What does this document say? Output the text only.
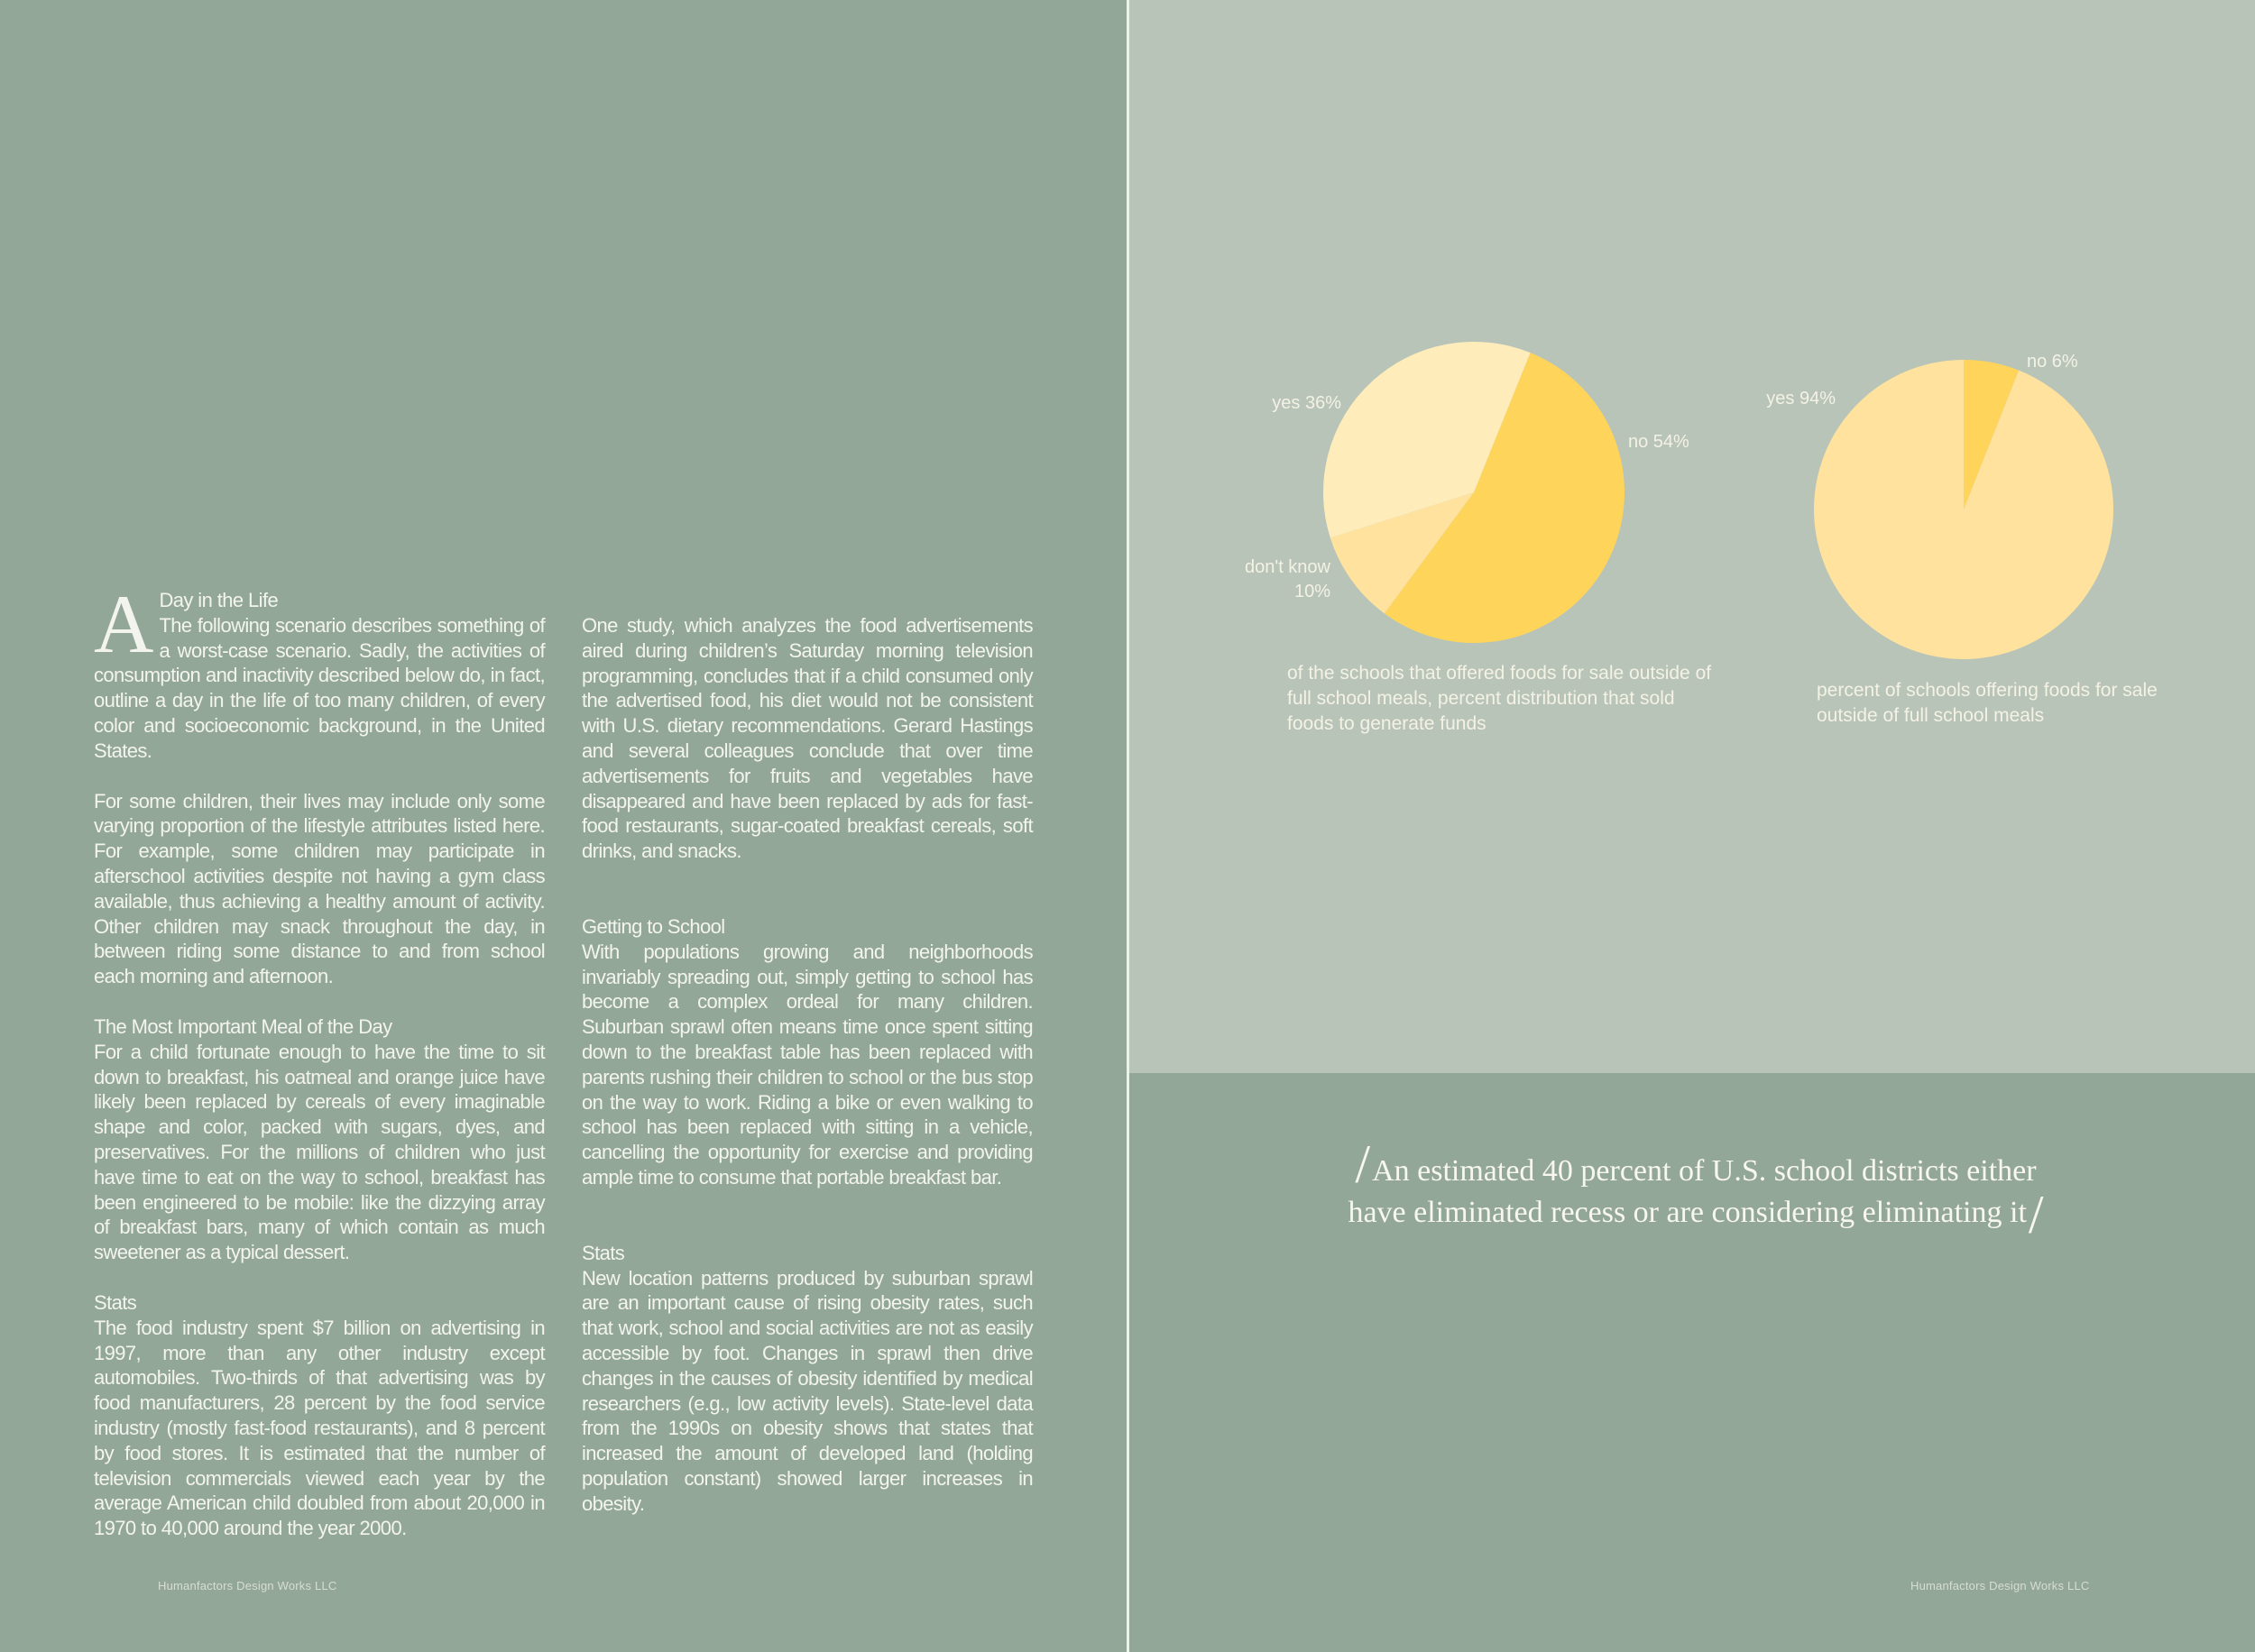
A Day in the Life

The following scenario describes something of a worst-case scenario. Sadly, the activities of consumption and inactivity described below do, in fact, outline a day in the life of too many children, of every color and socioeconomic background, in the United States.

For some children, their lives may include only some varying proportion of the lifestyle attributes listed here. For example, some children may participate in afterschool activities despite not having a gym class available, thus achieving a healthy amount of activity. Other children may snack throughout the day, in between riding some distance to and from school each morning and afternoon.

The Most Important Meal of the Day

For a child fortunate enough to have the time to sit down to breakfast, his oatmeal and orange juice have likely been replaced by cereals of every imaginable shape and color, packed with sugars, dyes, and preservatives. For the millions of children who just have time to eat on the way to school, breakfast has been engineered to be mobile: like the dizzying array of breakfast bars, many of which contain as much sweetener as a typical dessert.

Stats

The food industry spent $7 billion on advertising in 1997, more than any other industry except automobiles. Two-thirds of that advertising was by food manufacturers, 28 percent by the food service industry (mostly fast-food restaurants), and 8 percent by food stores. It is estimated that the number of television commercials viewed each year by the average American child doubled from about 20,000 in 1970 to 40,000 around the year 2000.

One study, which analyzes the food advertisements aired during children’s Saturday morning television programming, concludes that if a child consumed only the advertised food, his diet would not be consistent with U.S. dietary recommendations. Gerard Hastings and several colleagues conclude that over time advertisements for fruits and vegetables have disappeared and have been replaced by ads for fast-food restaurants, sugar-coated breakfast cereals, soft drinks, and snacks.

Getting to School

With populations growing and neighborhoods invariably spreading out, simply getting to school has become a complex ordeal for many children. Suburban sprawl often means time once spent sitting down to the breakfast table has been replaced with parents rushing their children to school or the bus stop on the way to work. Riding a bike or even walking to school has been replaced with sitting in a vehicle, cancelling the opportunity for exercise and providing ample time to consume that portable breakfast bar.

Stats

New location patterns produced by suburban sprawl are an important cause of rising obesity rates, such that work, school and social activities are not as easily accessible by foot. Changes in sprawl then drive changes in the causes of obesity identified by medical researchers (e.g., low activity levels). State-level data from the 1990s on obesity shows that states that increased the amount of developed land (holding population constant) showed larger increases in obesity.

yes 36%
no 54%
don't know
10%
no 6%
yes 94%
of the schools that offered foods for sale outside of full school meals, percent distribution that sold foods to generate funds
percent of schools offering foods for sale outside of full school meals
/An estimated 40 percent of U.S. school districts either have eliminated recess or are considering eliminating it/
Humanfactors Design Works LLC	Humanfactors Design Works LLC
